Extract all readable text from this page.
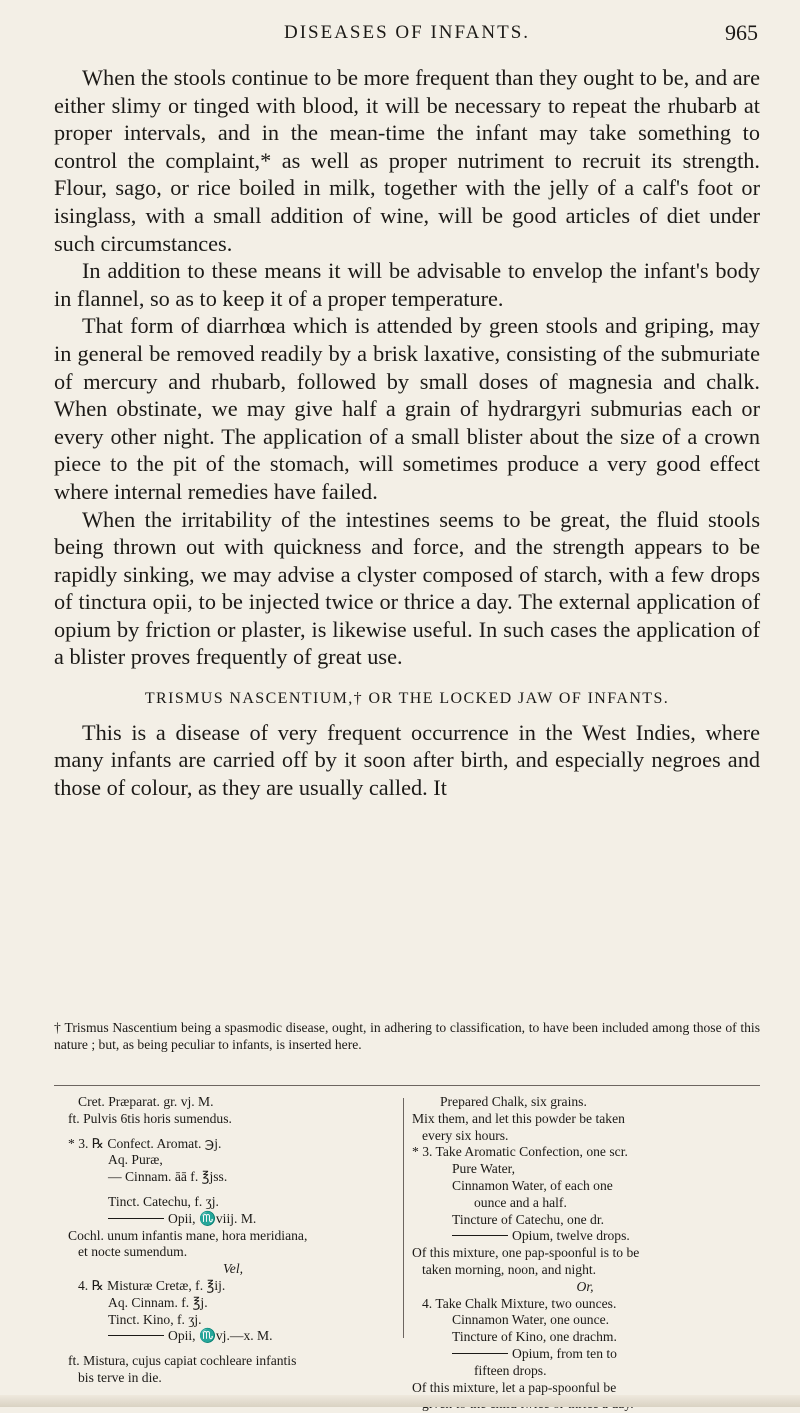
DISEASES OF INFANTS.	965

When the stools continue to be more frequent than they ought to be, and are either slimy or tinged with blood, it will be necessary to repeat the rhubarb at proper intervals, and in the mean-time the infant may take something to control the complaint,* as well as proper nutriment to recruit its strength. Flour, sago, or rice boiled in milk, together with the jelly of a calf's foot or isinglass, with a small addition of wine, will be good articles of diet under such circumstances.

In addition to these means it will be advisable to envelop the infant's body in flannel, so as to keep it of a proper temperature.

That form of diarrhœa which is attended by green stools and griping, may in general be removed readily by a brisk laxative, consisting of the submuriate of mercury and rhubarb, followed by small doses of magnesia and chalk. When obstinate, we may give half a grain of hydrargyri submurias each or every other night. The application of a small blister about the size of a crown piece to the pit of the stomach, will sometimes produce a very good effect where internal remedies have failed.

When the irritability of the intestines seems to be great, the fluid stools being thrown out with quickness and force, and the strength appears to be rapidly sinking, we may advise a clyster composed of starch, with a few drops of tinctura opii, to be injected twice or thrice a day. The external application of opium by friction or plaster, is likewise useful. In such cases the application of a blister proves frequently of great use.

TRISMUS NASCENTIUM,† OR THE LOCKED JAW OF INFANTS.

This is a disease of very frequent occurrence in the West Indies, where many infants are carried off by it soon after birth, and especially negroes and those of colour, as they are usually called. It

† Trismus Nascentium being a spasmodic disease, ought, in adhering to classification, to have been included among those of this nature ; but, as being peculiar to infants, is inserted here.
Cret. Præparat. gr. vj. M.
ft. Pulvis 6tis horis sumendus.
* 3. ℞ Confect. Aromat. ℈j.
Aq. Puræ,
— Cinnam. āā f. ℥jss.
Tinct. Catechu, f. ʒj.
Opii, ♏viij. M.
Cochl. unum infantis mane, hora meridiana,
et nocte sumendum.
Vel,
4. ℞ Misturæ Cretæ, f. ℥ij.
Aq. Cinnam. f. ℥j.
Tinct. Kino, f. ʒj.
Opii, ♏vj.—x. M.
ft. Mistura, cujus capiat cochleare infantis
bis terve in die.
Prepared Chalk, six grains.
Mix them, and let this powder be taken
every six hours.
* 3. Take Aromatic Confection, one scr.
Pure Water,
Cinnamon Water, of each one
ounce and a half.
Tincture of Catechu, one dr.
Opium, twelve drops.
Of this mixture, one pap-spoonful is to be
taken morning, noon, and night.
Or,
4. Take Chalk Mixture, two ounces.
Cinnamon Water, one ounce.
Tincture of Kino, one drachm.
Opium, from ten to
fifteen drops.
Of this mixture, let a pap-spoonful be
